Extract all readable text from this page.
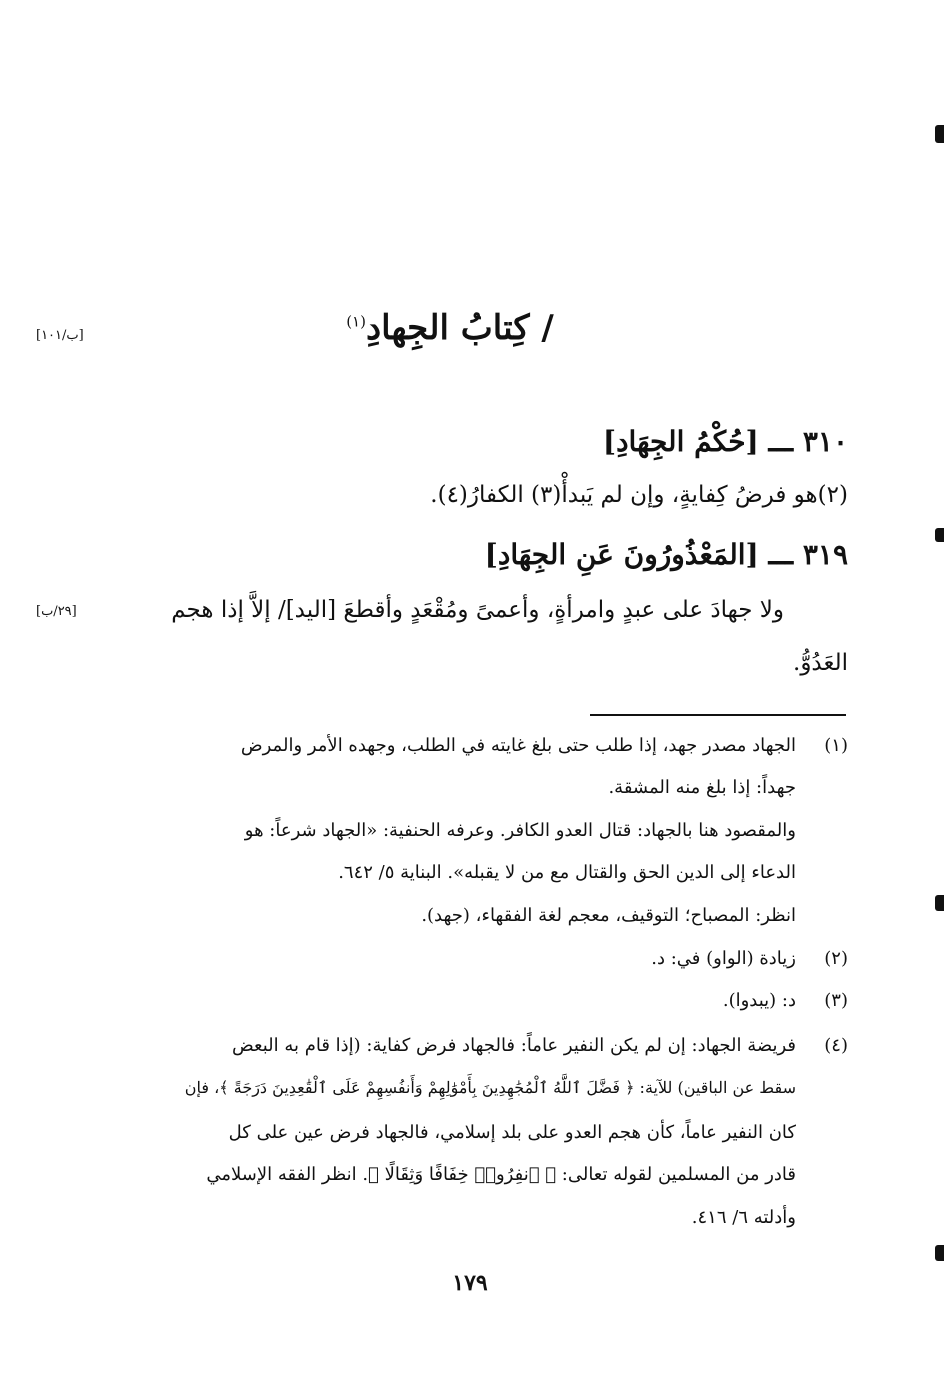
/ كِتابُ الجِهادِ$^{(١)}$
[ب/١٠١]
٣١٠ ـــ [حُكْمُ الجِهَادِ]
(٢)هو فرضُ كِفايةٍ، وإن لم يَبدأْ(٣) الكفارُ(٤).
٣١٩ ـــ [المَعْذُورُونَ عَنِ الجِهَادِ]
ولا جهادَ على عبدٍ وامرأةٍ، وأعمىً ومُقْعَدٍ وأقطعَ [اليد]/ إلاَّ إذا هجم
[٢٩/ب]
العَدُوُّ.
(١)
الجهاد مصدر جهد، إذا طلب حتى بلغ غايته في الطلب، وجهده الأمر والمرض
جهداً: إذا بلغ منه المشقة.
والمقصود هنا بالجهاد: قتال العدو الكافر. وعرفه الحنفية: «الجهاد شرعاً: هو
الدعاء إلى الدين الحق والقتال مع من لا يقبله». البناية ٥/ ٦٤٢.
انظر: المصباح؛ التوقيف، معجم لغة الفقهاء، (جهد).
(٢)
زيادة (الواو) في: د.
(٣)
د: (يبدوا).
(٤)
فريضة الجهاد: إن لم يكن النفير عاماً: فالجهاد فرض كفاية: (إذا قام به البعض
سقط عن الباقين) للآية: ﴿ فَضَّلَ ٱللَّهُ ٱلْمُجَٰهِدِينَ بِأَمْوَٰلِهِمْ وَأَنفُسِهِمْ عَلَى ٱلْقَٰعِدِينَ دَرَجَةً ﴾، فإن
كان النفير عاماً، كأن هجم العدو على بلد إسلامي، فالجهاد فرض عين على كل
قادر من المسلمين لقوله تعالى: ﴿ ٱنفِرُوا۟ خِفَافًا وَثِقَالًا ﴾. انظر الفقه الإسلامي
وأدلته ٦/ ٤١٦.
١٧٩
